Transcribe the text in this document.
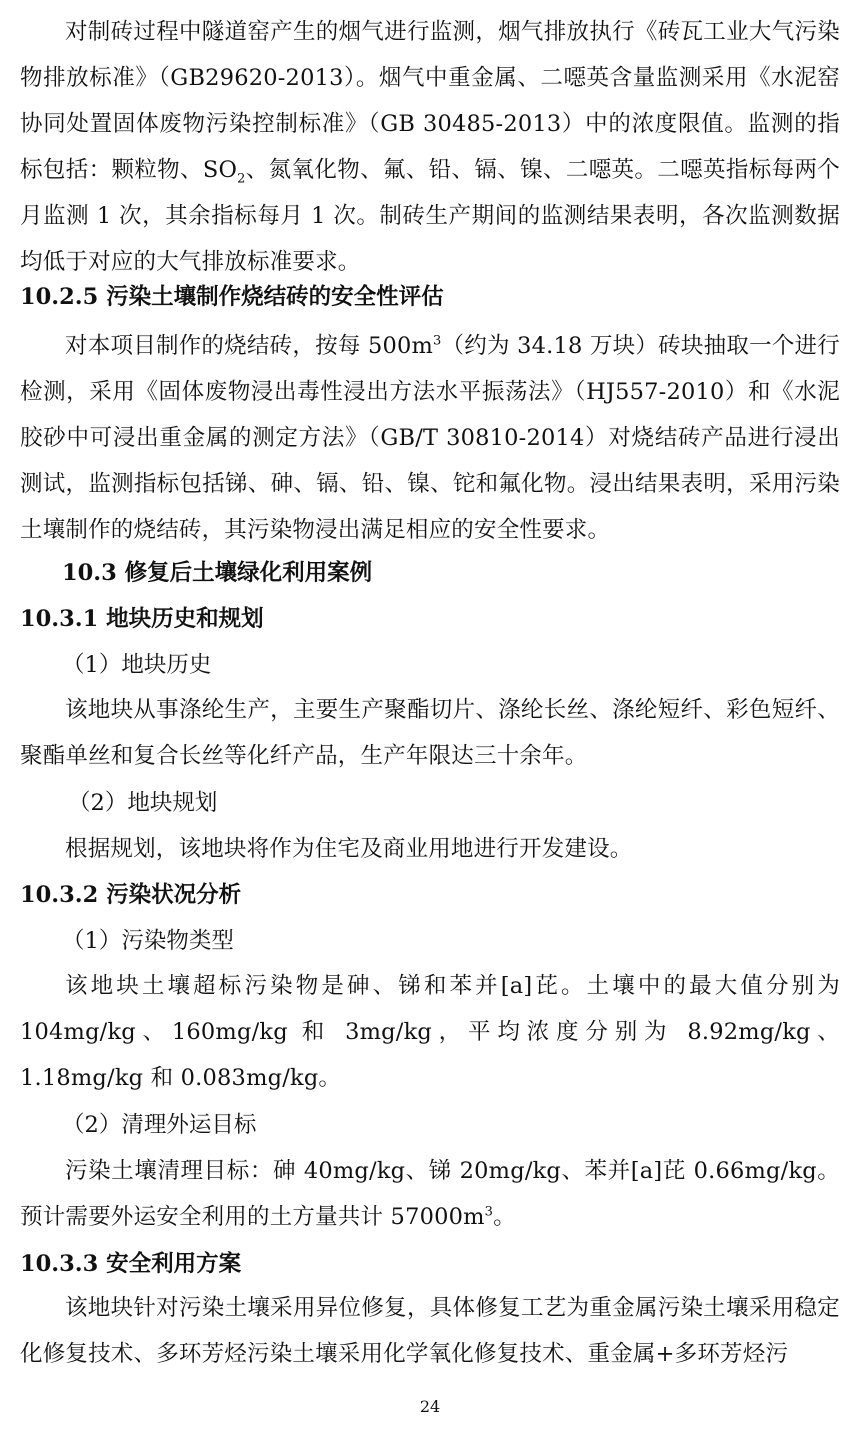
对制砖过程中隧道窑产生的烟气进行监测，烟气排放执行《砖瓦工业大气污染物排放标准》（GB29620-2013）。烟气中重金属、二噁英含量监测采用《水泥窑协同处置固体废物污染控制标准》（GB 30485-2013）中的浓度限值。监测的指标包括：颗粒物、$SO_2$、氮氧化物、氟、铅、镉、镍、二噁英。二噁英指标每两个月监测 1 次，其余指标每月 1 次。制砖生产期间的监测结果表明，各次监测数据均低于对应的大气排放标准要求。

10.2.5 污染土壤制作烧结砖的安全性评估

对本项目制作的烧结砖，按每 $500m^3$（约为 34.18 万块）砖块抽取一个进行检测，采用《固体废物浸出毒性浸出方法水平振荡法》（HJ557-2010）和《水泥胶砂中可浸出重金属的测定方法》（GB/T 30810-2014）对烧结砖产品进行浸出测试，监测指标包括锑、砷、镉、铅、镍、铊和氟化物。浸出结果表明，采用污染土壤制作的烧结砖，其污染物浸出满足相应的安全性要求。

10.3 修复后土壤绿化利用案例
10.3.1 地块历史和规划
（1）地块历史

该地块从事涤纶生产，主要生产聚酯切片、涤纶长丝、涤纶短纤、彩色短纤、聚酯单丝和复合长丝等化纤产品，生产年限达三十余年。

（2）地块规划

根据规划，该地块将作为住宅及商业用地进行开发建设。

10.3.2 污染状况分析
（1）污染物类型

该地块土壤超标污染物是砷、锑和苯并[a]芘。土壤中的最大值分别为 104mg/kg、160mg/kg 和 3mg/kg，平均浓度分别为 8.92mg/kg、1.18mg/kg 和 0.083mg/kg。

（2）清理外运目标

污染土壤清理目标：砷 40mg/kg、锑 20mg/kg、苯并[a]芘 0.66mg/kg。预计需要外运安全利用的土方量共计 $57000m^3$。

10.3.3 安全利用方案

该地块针对污染土壤采用异位修复，具体修复工艺为重金属污染土壤采用稳定化修复技术、多环芳烃污染土壤采用化学氧化修复技术、重金属+多环芳烃污

24
